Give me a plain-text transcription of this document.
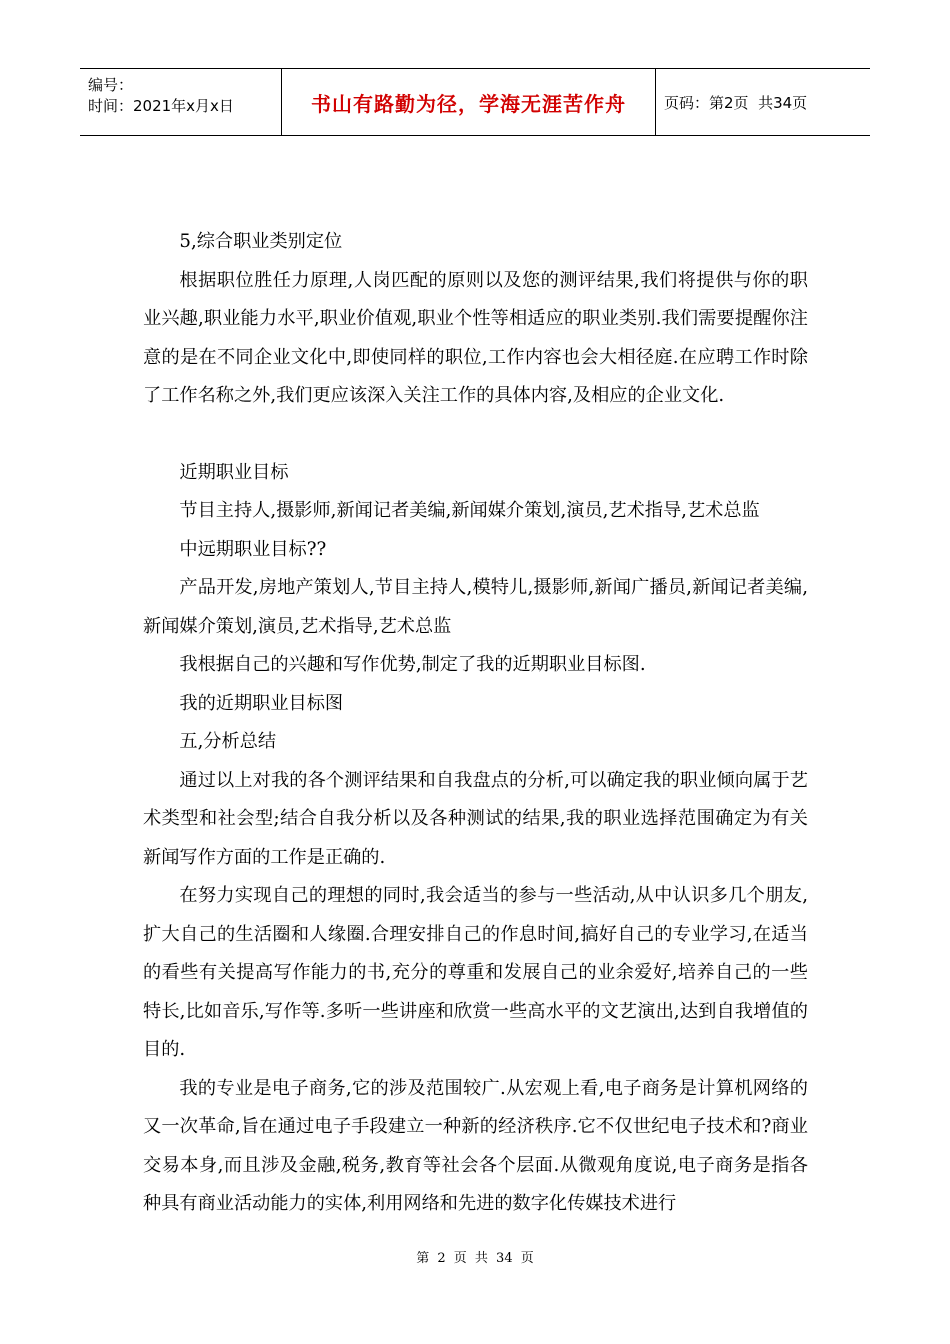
编号：
时间：2021年x月x日	书山有路勤为径，学海无涯苦作舟	页码：第2页  共34页

5,综合职业类别定位

根据职位胜任力原理,人岗匹配的原则以及您的测评结果,我们将提供与你的职业兴趣,职业能力水平,职业价值观,职业个性等相适应的职业类别.我们需要提醒你注意的是在不同企业文化中,即使同样的职位,工作内容也会大相径庭.在应聘工作时除了工作名称之外,我们更应该深入关注工作的具体内容,及相应的企业文化.

近期职业目标

节目主持人,摄影师,新闻记者美编,新闻媒介策划,演员,艺术指导,艺术总监

中远期职业目标??

产品开发,房地产策划人,节目主持人,模特儿,摄影师,新闻广播员,新闻记者美编,新闻媒介策划,演员,艺术指导,艺术总监

我根据自己的兴趣和写作优势,制定了我的近期职业目标图.

我的近期职业目标图

五,分析总结

通过以上对我的各个测评结果和自我盘点的分析,可以确定我的职业倾向属于艺术类型和社会型;结合自我分析以及各种测试的结果,我的职业选择范围确定为有关新闻写作方面的工作是正确的.

在努力实现自己的理想的同时,我会适当的参与一些活动,从中认识多几个朋友,扩大自己的生活圈和人缘圈.合理安排自己的作息时间,搞好自己的专业学习,在适当的看些有关提高写作能力的书,充分的尊重和发展自己的业余爱好,培养自己的一些特长,比如音乐,写作等.多听一些讲座和欣赏一些高水平的文艺演出,达到自我增值的目的.

我的专业是电子商务,它的涉及范围较广.从宏观上看,电子商务是计算机网络的又一次革命,旨在通过电子手段建立一种新的经济秩序.它不仅世纪电子技术和?商业交易本身,而且涉及金融,税务,教育等社会各个层面.从微观角度说,电子商务是指各种具有商业活动能力的实体,利用网络和先进的数字化传媒技术进行

第 2 页 共 34 页
